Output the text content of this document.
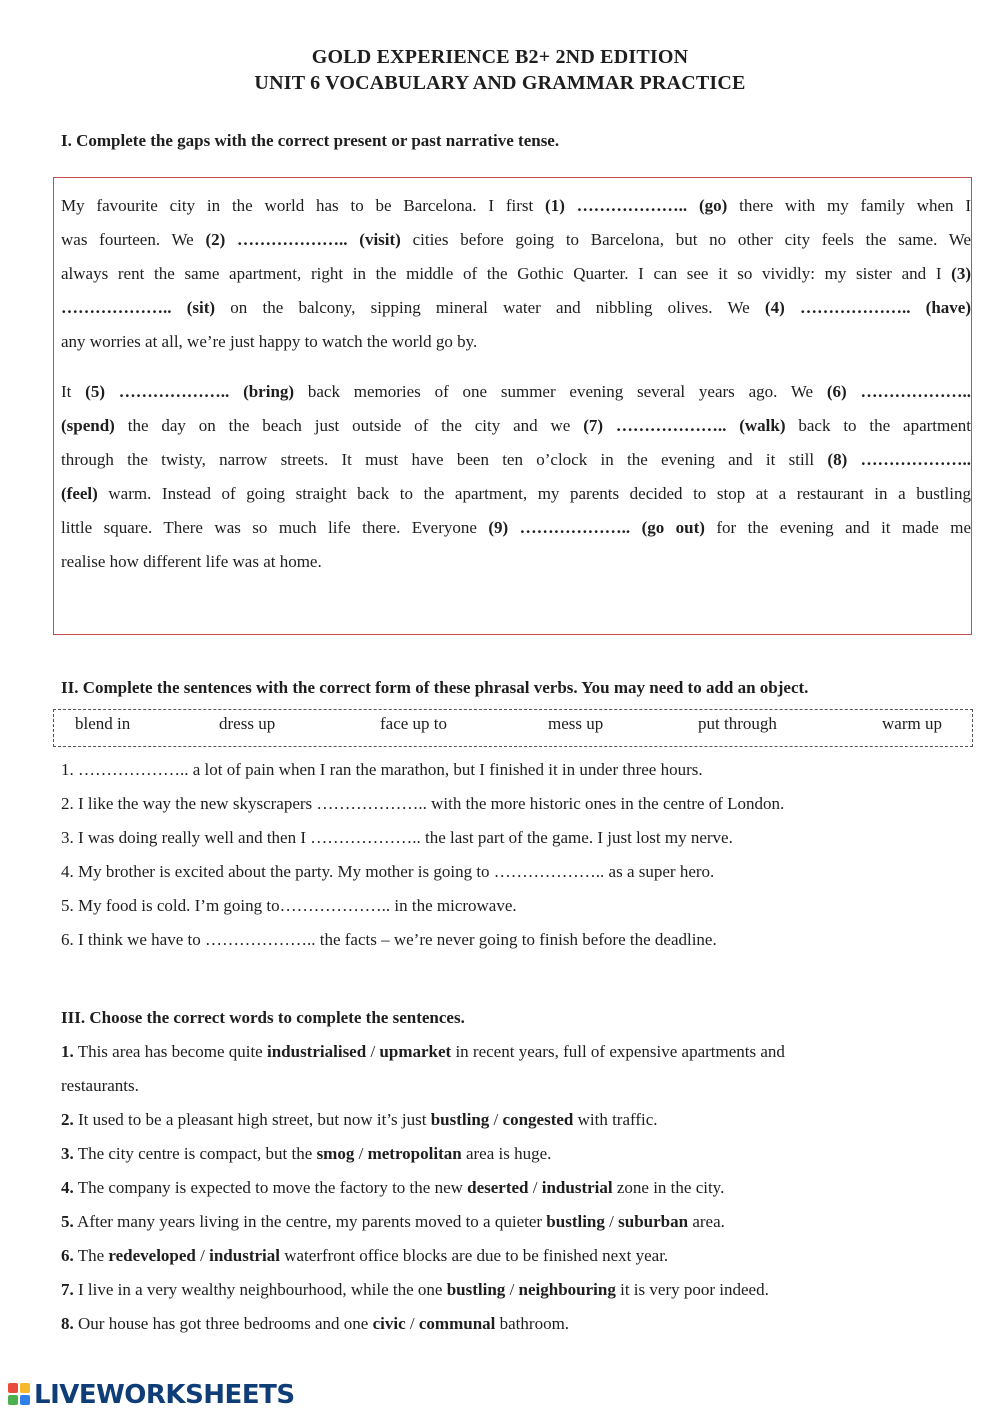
GOLD EXPERIENCE B2+ 2ND EDITION
UNIT 6 VOCABULARY AND GRAMMAR PRACTICE
I. Complete the gaps with the correct present or past narrative tense.
My favourite city in the world has to be Barcelona. I first (1) ……………….. (go) there with my family when I
was fourteen. We (2) ……………….. (visit) cities before going to Barcelona, but no other city feels the same. We
always rent the same apartment, right in the middle of the Gothic Quarter. I can see it so vividly: my sister and I (3)
……………….. (sit) on the balcony, sipping mineral water and nibbling olives. We (4) ……………….. (have)
any worries at all, we’re just happy to watch the world go by.
It (5) ……………….. (bring) back memories of one summer evening several years ago. We (6) ………………..
(spend) the day on the beach just outside of the city and we (7) ……………….. (walk) back to the apartment
through the twisty, narrow streets. It must have been ten o’clock in the evening and it still (8) ………………..
(feel) warm. Instead of going straight back to the apartment, my parents decided to stop at a restaurant in a bustling
little square. There was so much life there. Everyone (9) ……………….. (go out) for the evening and it made me
realise how different life was at home.
II. Complete the sentences with the correct form of these phrasal verbs. You may need to add an object.
blend in	dress up	face up to	mess up	put through	warm up
1. ……………….. a lot of pain when I ran the marathon, but I finished it in under three hours.
2. I like the way the new skyscrapers ……………….. with the more historic ones in the centre of London.
3. I was doing really well and then I ……………….. the last part of the game. I just lost my nerve.
4. My brother is excited about the party. My mother is going to ……………….. as a super hero.
5. My food is cold. I’m going to……………….. in the microwave.
6. I think we have to ……………….. the facts – we’re never going to finish before the deadline.
III. Choose the correct words to complete the sentences.
1. This area has become quite industrialised / upmarket in recent years, full of expensive apartments and
restaurants.
2. It used to be a pleasant high street, but now it’s just bustling / congested with traffic.
3. The city centre is compact, but the smog / metropolitan area is huge.
4. The company is expected to move the factory to the new deserted / industrial zone in the city.
5. After many years living in the centre, my parents moved to a quieter bustling / suburban area.
6. The redeveloped / industrial waterfront office blocks are due to be finished next year.
7. I live in a very wealthy neighbourhood, while the one bustling / neighbouring it is very poor indeed.
8. Our house has got three bedrooms and one civic / communal bathroom.
LIVEWORKSHEETS
